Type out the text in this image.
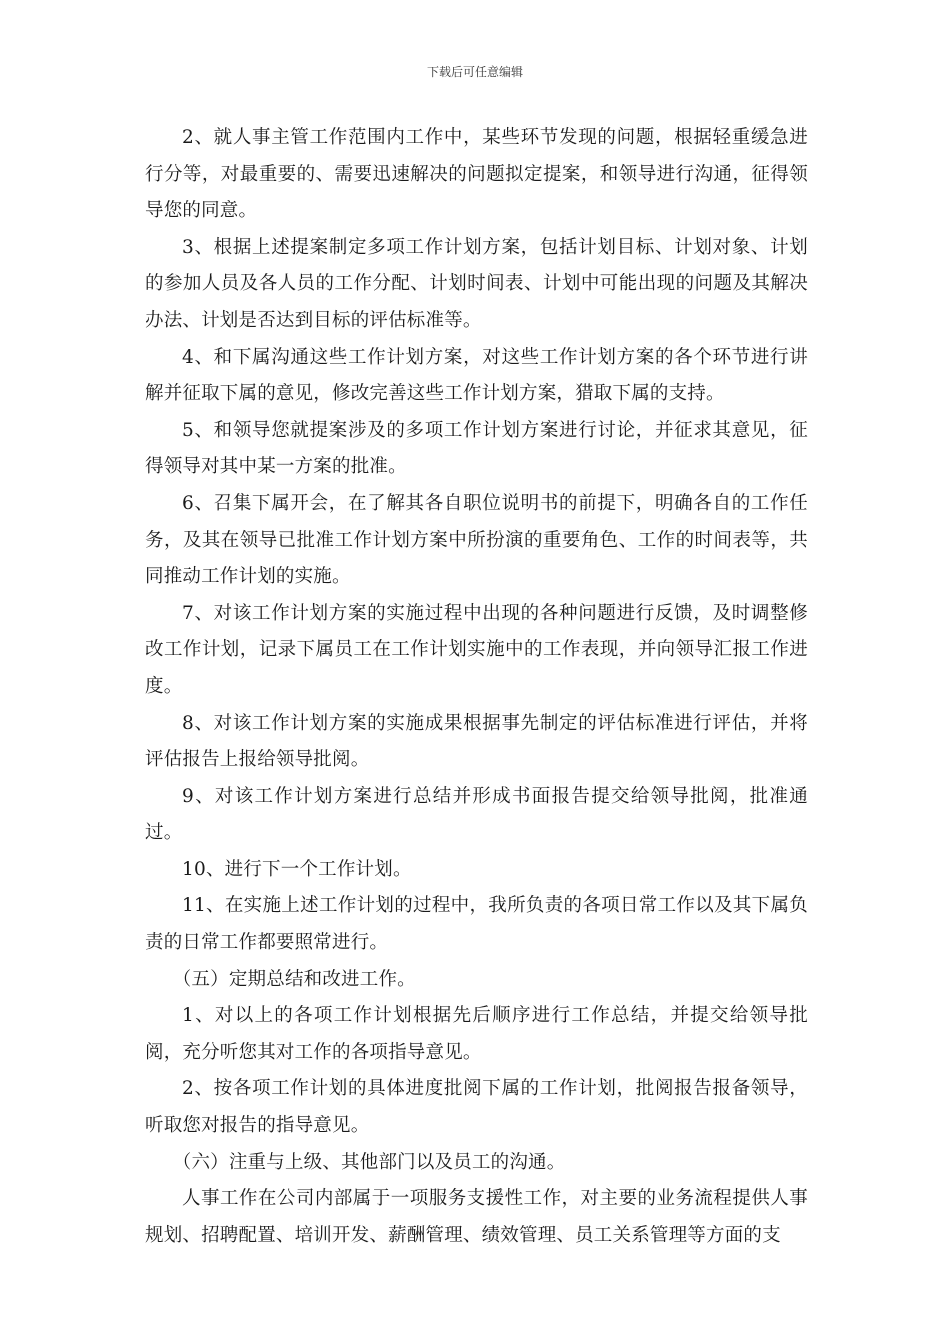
下载后可任意编辑

2、就人事主管工作范围内工作中，某些环节发现的问题，根据轻重缓急进行分等，对最重要的、需要迅速解决的问题拟定提案，和领导进行沟通，征得领导您的同意。

3、根据上述提案制定多项工作计划方案，包括计划目标、计划对象、计划的参加人员及各人员的工作分配、计划时间表、计划中可能出现的问题及其解决办法、计划是否达到目标的评估标准等。

4、和下属沟通这些工作计划方案，对这些工作计划方案的各个环节进行讲解并征取下属的意见，修改完善这些工作计划方案，猎取下属的支持。

5、和领导您就提案涉及的多项工作计划方案进行讨论，并征求其意见，征得领导对其中某一方案的批准。

6、召集下属开会，在了解其各自职位说明书的前提下，明确各自的工作任务，及其在领导已批准工作计划方案中所扮演的重要角色、工作的时间表等，共同推动工作计划的实施。

7、对该工作计划方案的实施过程中出现的各种问题进行反馈，及时调整修改工作计划，记录下属员工在工作计划实施中的工作表现，并向领导汇报工作进度。

8、对该工作计划方案的实施成果根据事先制定的评估标准进行评估，并将评估报告上报给领导批阅。

9、对该工作计划方案进行总结并形成书面报告提交给领导批阅，批准通过。

10、进行下一个工作计划。

11、在实施上述工作计划的过程中，我所负责的各项日常工作以及其下属负责的日常工作都要照常进行。

（五）定期总结和改进工作。

1、对以上的各项工作计划根据先后顺序进行工作总结，并提交给领导批阅，充分听您其对工作的各项指导意见。

2、按各项工作计划的具体进度批阅下属的工作计划，批阅报告报备领导，听取您对报告的指导意见。

（六）注重与上级、其他部门以及员工的沟通。

人事工作在公司内部属于一项服务支援性工作，对主要的业务流程提供人事规划、招聘配置、培训开发、薪酬管理、绩效管理、员工关系管理等方面的支
